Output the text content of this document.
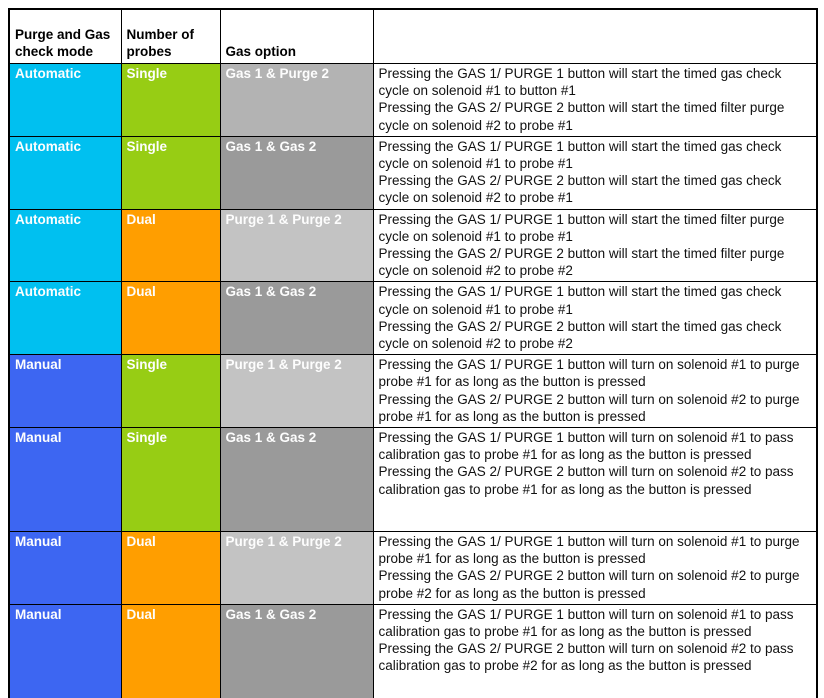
Purge and Gas check mode	Number of probes	Gas option	
Automatic	Single	Gas 1 & Purge 2	Pressing the GAS 1/ PURGE 1 button will start the timed gas check cycle on solenoid #1 to button #1
Pressing the GAS 2/ PURGE 2 button will start the timed filter purge cycle on solenoid #2 to probe #1

Automatic	Single	Gas 1 & Gas 2	Pressing the GAS 1/ PURGE 1 button will start the timed gas check cycle on solenoid #1 to probe #1
Pressing the GAS 2/ PURGE 2 button will start the timed gas check cycle on solenoid #2 to probe #1

Automatic	Dual	Purge 1 & Purge 2	Pressing the GAS 1/ PURGE 1 button will start the timed filter purge cycle on solenoid #1 to probe #1
Pressing the GAS 2/ PURGE 2 button will start the timed filter purge cycle on solenoid #2 to probe #2

Automatic	Dual	Gas 1 & Gas 2	Pressing the GAS 1/ PURGE 1 button will start the timed gas check cycle on solenoid #1 to probe #1
Pressing the GAS 2/ PURGE 2 button will start the timed gas check cycle on solenoid #2 to probe #2

Manual	Single	Purge 1 & Purge 2	Pressing the GAS 1/ PURGE 1 button will turn on solenoid #1 to purge probe #1 for as long as the button is pressed
Pressing the GAS 2/ PURGE 2 button will turn on solenoid #2 to purge probe #1 for as long as the button is pressed

Manual	Single	Gas 1 & Gas 2	Pressing the GAS 1/ PURGE 1 button will turn on solenoid #1 to pass calibration gas to probe #1 for as long as the button is pressed
Pressing the GAS 2/ PURGE 2 button will turn on solenoid #2 to pass calibration gas to probe #1 for as long as the button is pressed

Manual	Dual	Purge 1 & Purge 2	Pressing the GAS 1/ PURGE 1 button will turn on solenoid #1 to purge probe #1 for as long as the button is pressed
Pressing the GAS 2/ PURGE 2 button will turn on solenoid #2 to purge probe #2 for as long as the button is pressed

Manual	Dual	Gas 1 & Gas 2	Pressing the GAS 1/ PURGE 1 button will turn on solenoid #1 to pass calibration gas to probe #1 for as long as the button is pressed
Pressing the GAS 2/ PURGE 2 button will turn on solenoid #2 to pass calibration gas to probe #2 for as long as the button is pressed
